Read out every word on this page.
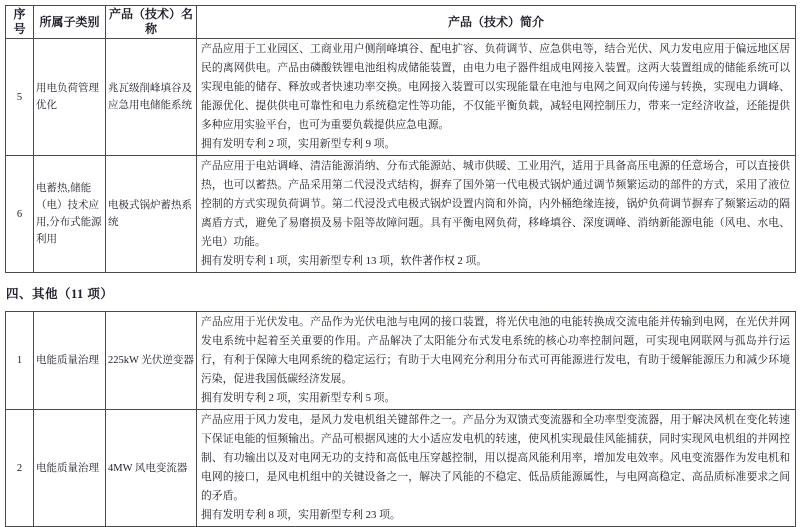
序号	所属子类别	产品（技术）名称	产品（技术）简介
5	用电负荷管理优化	兆瓦级削峰填谷及应急用电储能系统	产品应用于工业园区、工商业用户侧削峰填谷、配电扩容、负荷调节、应急供电等，结合光伏、风力发电应用于偏远地区居民的离网供电。产品由磷酸铁锂电池组构成储能装置，由电力电子器件组成电网接入装置。这两大装置组成的储能系统可以实现电能的储存、释放或者快速功率交换。电网接入装置可以实现能量在电池与电网之间双向传递与转换，实现电力调峰、能源优化、提供供电可靠性和电力系统稳定性等功能，不仅能平衡负载，减轻电网控制压力，带来一定经济收益，还能提供多种应用实验平台，也可为重要负载提供应急电源。
拥有发明专利 2 项，实用新型专利 9 项。

6	电蓄热,储能（电）技术应用,分布式能源利用	电极式锅炉蓄热系统	产品应用于电站调峰、清洁能源消纳、分布式能源站、城市供暖、工业用汽，适用于具备高压电源的任意场合，可以直接供热，也可以蓄热。产品采用第二代浸没式结构，摒弃了国外第一代电极式锅炉通过调节频繁运动的部件的方式，采用了液位控制的方式实现负荷调节。第二代浸没式电极式锅炉设置内筒和外筒，内外桶绝缘连接，锅炉负荷调节摒弃了频繁运动的隔离盾方式，避免了易磨损及易卡阻等故障问题。具有平衡电网负荷，移峰填谷、深度调峰、消纳新能源电能（风电、水电、光电）功能。
拥有发明专利 1 项，实用新型专利 13 项，软件著作权 2 项。
四、其他（11 项）
1	电能质量治理	225kW 光伏逆变器	产品应用于光伏发电。产品作为光伏电池与电网的接口装置，将光伏电池的电能转换成交流电能并传输到电网，在光伏并网发电系统中起着至关重要的作用。产品解决了太阳能分布式发电系统的核心功率控制问题，可实现电网联网与孤岛并行运行，有利于保障大电网系统的稳定运行；有助于大电网充分利用分布式可再能源进行发电，有助于缓解能源压力和减少环境污染，促进我国低碳经济发展。
拥有发明专利 2 项，实用新型专利 5 项。

2	电能质量治理	4MW 风电变流器	产品应用于风力发电，是风力发电机组关键部件之一。产品分为双馈式变流器和全功率型变流器，用于解决风机在变化转速下保证电能的恒频输出。产品可根据风速的大小适应发电机的转速，使风机实现最佳风能捕获，同时实现风电机组的并网控制、有功输出以及对电网无功的支持和高低电压穿越控制，用以提高风能利用率，增加发电效率。风电变流器作为发电机和电网的接口，是风电机组中的关键设备之一，解决了风能的不稳定、低品质能源属性，与电网高稳定、高品质标准要求之间的矛盾。
拥有发明专利 8 项，实用新型专利 23 项。
